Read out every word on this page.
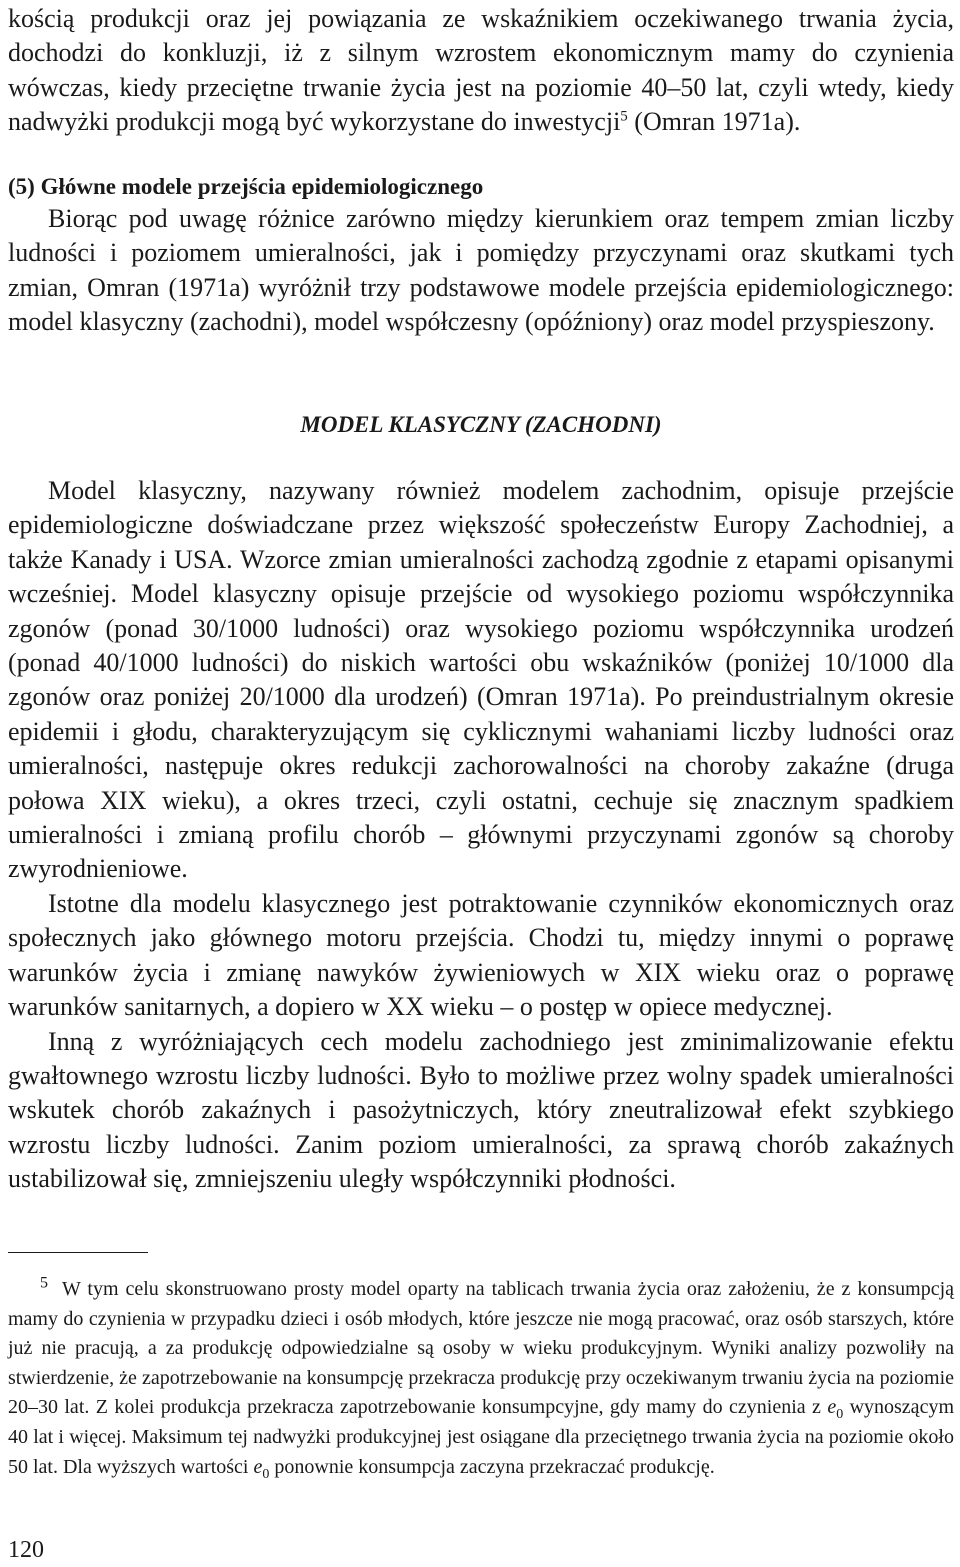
kością produkcji oraz jej powiązania ze wskaźnikiem oczekiwanego trwania życia, dochodzi do konkluzji, iż z silnym wzrostem ekonomicznym mamy do czynienia wówczas, kiedy przeciętne trwanie życia jest na poziomie 40–50 lat, czyli wtedy, kiedy nadwyżki produkcji mogą być wykorzystane do inwestycji$^5$ (Omran 1971a).

(5) Główne modele przejścia epidemiologicznego

Biorąc pod uwagę różnice zarówno między kierunkiem oraz tempem zmian liczby ludności i poziomem umieralności, jak i pomiędzy przyczynami oraz skutkami tych zmian, Omran (1971a) wyróżnił trzy podstawowe modele przejścia epidemiologicznego: model klasyczny (zachodni), model współczesny (opóźniony) oraz model przyspieszony.

MODEL KLASYCZNY (ZACHODNI)

Model klasyczny, nazywany również modelem zachodnim, opisuje przejście epidemiologiczne doświadczane przez większość społeczeństw Europy Zachodniej, a także Kanady i USA. Wzorce zmian umieralności zachodzą zgodnie z etapami opisanymi wcześniej. Model klasyczny opisuje przejście od wysokiego poziomu współczynnika zgonów (ponad 30/1000 ludności) oraz wysokiego poziomu współczynnika urodzeń (ponad 40/1000 ludności) do niskich wartości obu wskaźników (poniżej 10/1000 dla zgonów oraz poniżej 20/1000 dla urodzeń) (Omran 1971a). Po preindustrialnym okresie epidemii i głodu, charakteryzującym się cyklicznymi wahaniami liczby ludności oraz umieralności, następuje okres redukcji zachorowalności na choroby zakaźne (druga połowa XIX wieku), a okres trzeci, czyli ostatni, cechuje się znacznym spadkiem umieralności i zmianą profilu chorób – głównymi przyczynami zgonów są choroby zwyrodnieniowe.

Istotne dla modelu klasycznego jest potraktowanie czynników ekonomicznych oraz społecznych jako głównego motoru przejścia. Chodzi tu, między innymi o poprawę warunków życia i zmianę nawyków żywieniowych w XIX wieku oraz o poprawę warunków sanitarnych, a dopiero w XX wieku – o postęp w opiece medycznej.

Inną z wyróżniających cech modelu zachodniego jest zminimalizowanie efektu gwałtownego wzrostu liczby ludności. Było to możliwe przez wolny spadek umieralności wskutek chorób zakaźnych i pasożytniczych, który zneutralizował efekt szybkiego wzrostu liczby ludności. Zanim poziom umieralności, za sprawą chorób zakaźnych ustabilizował się, zmniejszeniu uległy współczynniki płodności.

$^5$ W tym celu skonstruowano prosty model oparty na tablicach trwania życia oraz założeniu, że z konsumpcją mamy do czynienia w przypadku dzieci i osób młodych, które jeszcze nie mogą pracować, oraz osób starszych, które już nie pracują, a za produkcję odpowiedzialne są osoby w wieku produkcyjnym. Wyniki analizy pozwoliły na stwierdzenie, że zapotrzebowanie na konsumpcję przekracza produkcję przy oczekiwanym trwaniu życia na poziomie 20–30 lat. Z kolei produkcja przekracza zapotrzebowanie konsumpcyjne, gdy mamy do czynienia z $e_0$ wynoszącym 40 lat i więcej. Maksimum tej nadwyżki produkcyjnej jest osiągane dla przeciętnego trwania życia na poziomie około 50 lat. Dla wyższych wartości $e_0$ ponownie konsumpcja zaczyna przekraczać produkcję.

120
